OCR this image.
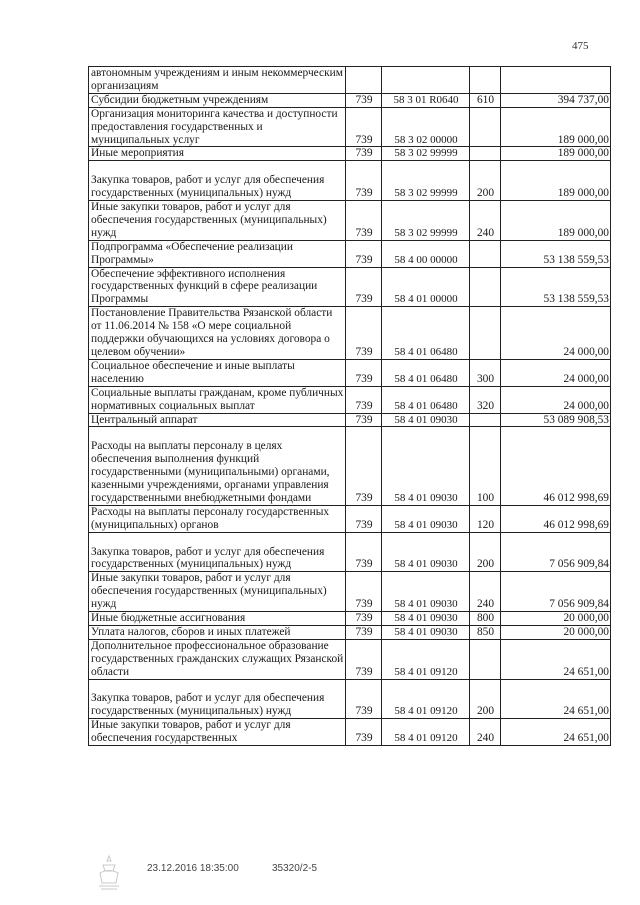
475
автономным учреждениям и иным некоммерческим организациям				
Субсидии бюджетным учреждениям	739	58 3 01 R0640	610	394 737,00
Организация мониторинга качества и доступности предоставления государственных и муниципальных услуг	739	58 3 02 00000		189 000,00
Иные мероприятия	739	58 3 02 99999		189 000,00
Закупка товаров, работ и услуг для обеспечения государственных (муниципальных) нужд	739	58 3 02 99999	200	189 000,00
Иные закупки товаров, работ и услуг для обеспечения государственных (муниципальных) нужд	739	58 3 02 99999	240	189 000,00
Подпрограмма «Обеспечение реализации Программы»	739	58 4 00 00000		53 138 559,53
Обеспечение эффективного исполнения государственных функций в сфере реализации Программы	739	58 4 01 00000		53 138 559,53
Постановление Правительства Рязанской области от 11.06.2014 № 158 «О мере социальной поддержки обучающихся на условиях договора о целевом обучении»	739	58 4 01 06480		24 000,00
Социальное обеспечение и иные выплаты населению	739	58 4 01 06480	300	24 000,00
Социальные выплаты гражданам, кроме публичных нормативных социальных выплат	739	58 4 01 06480	320	24 000,00
Центральный аппарат	739	58 4 01 09030		53 089 908,53
Расходы на выплаты персоналу в целях обеспечения выполнения функций государственными (муниципальными) органами, казенными учреждениями, органами управления государственными внебюджетными фондами	739	58 4 01 09030	100	46 012 998,69
Расходы на выплаты персоналу государственных (муниципальных) органов	739	58 4 01 09030	120	46 012 998,69
Закупка товаров, работ и услуг для обеспечения государственных (муниципальных) нужд	739	58 4 01 09030	200	7 056 909,84
Иные закупки товаров, работ и услуг для обеспечения государственных (муниципальных) нужд	739	58 4 01 09030	240	7 056 909,84
Иные бюджетные ассигнования	739	58 4 01 09030	800	20 000,00
Уплата налогов, сборов и иных платежей	739	58 4 01 09030	850	20 000,00
Дополнительное профессиональное образование государственных гражданских служащих Рязанской области	739	58 4 01 09120		24 651,00
Закупка товаров, работ и услуг для обеспечения государственных (муниципальных) нужд	739	58 4 01 09120	200	24 651,00
Иные закупки товаров, работ и услуг для обеспечения государственных	739	58 4 01 09120	240	24 651,00
23.12.2016 18:35:00	35320/2-5
